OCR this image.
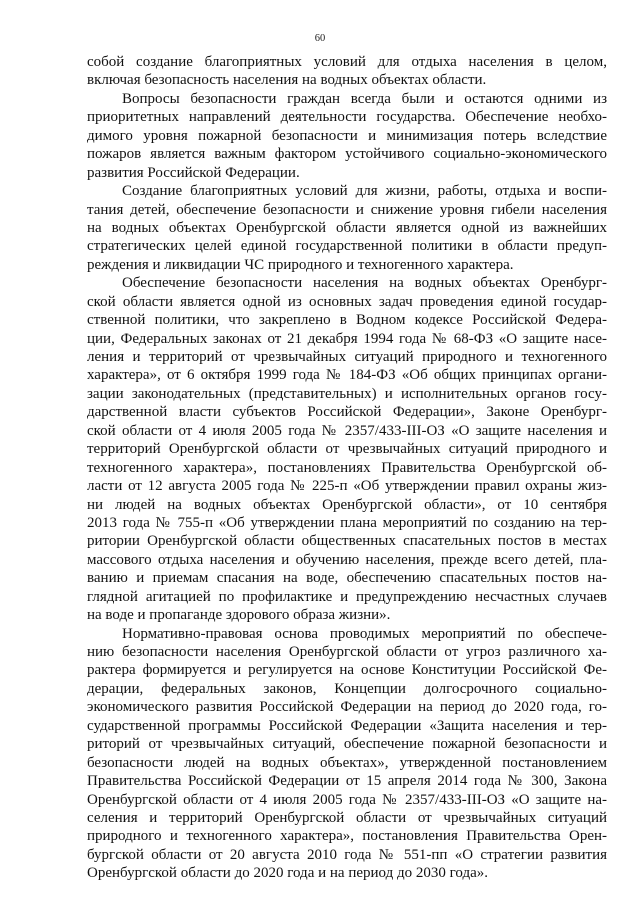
60
собой создание благоприятных условий для отдыха населения в целом,
включая безопасность населения на водных объектах области.
Вопросы безопасности граждан всегда были и остаются одними из
приоритетных направлений деятельности государства. Обеспечение необхо-
димого уровня пожарной безопасности и минимизация потерь вследствие
пожаров является важным фактором устойчивого социально-экономического
развития Российской Федерации.
Создание благоприятных условий для жизни, работы, отдыха и воспи-
тания детей, обеспечение безопасности и снижение уровня гибели населения
на водных объектах Оренбургской области является одной из важнейших
стратегических целей единой государственной политики в области предуп-
реждения и ликвидации ЧС природного и техногенного характера.
Обеспечение безопасности населения на водных объектах Оренбург-
ской области является одной из основных задач проведения единой государ-
ственной политики, что закреплено в Водном кодексе Российской Федера-
ции, Федеральных законах от 21 декабря 1994 года № 68-ФЗ «О защите насе-
ления и территорий от чрезвычайных ситуаций природного и техногенного
характера», от 6 октября 1999 года № 184-ФЗ «Об общих принципах органи-
зации законодательных (представительных) и исполнительных органов госу-
дарственной власти субъектов Российской Федерации», Законе Оренбург-
ской области от 4 июля 2005 года № 2357/433-III-ОЗ «О защите населения и
территорий Оренбургской области от чрезвычайных ситуаций природного и
техногенного характера», постановлениях Правительства Оренбургской об-
ласти от 12 августа 2005 года № 225-п «Об утверждении правил охраны жиз-
ни людей на водных объектах Оренбургской области», от 10 сентября
2013 года № 755-п «Об утверждении плана мероприятий по созданию на тер-
ритории Оренбургской области общественных спасательных постов в местах
массового отдыха населения и обучению населения, прежде всего детей, пла-
ванию и приемам спасания на воде, обеспечению спасательных постов на-
глядной агитацией по профилактике и предупреждению несчастных случаев
на воде и пропаганде здорового образа жизни».
Нормативно-правовая основа проводимых мероприятий по обеспече-
нию безопасности населения Оренбургской области от угроз различного ха-
рактера формируется и регулируется на основе Конституции Российской Фе-
дерации, федеральных законов, Концепции долгосрочного социально-
экономического развития Российской Федерации на период до 2020 года, го-
сударственной программы Российской Федерации «Защита населения и тер-
риторий от чрезвычайных ситуаций, обеспечение пожарной безопасности и
безопасности людей на водных объектах», утвержденной постановлением
Правительства Российской Федерации от 15 апреля 2014 года № 300, Закона
Оренбургской области от 4 июля 2005 года № 2357/433-III-ОЗ «О защите на-
селения и территорий Оренбургской области от чрезвычайных ситуаций
природного и техногенного характера», постановления Правительства Орен-
бургской области от 20 августа 2010 года № 551-пп «О стратегии развития
Оренбургской области до 2020 года и на период до 2030 года».
